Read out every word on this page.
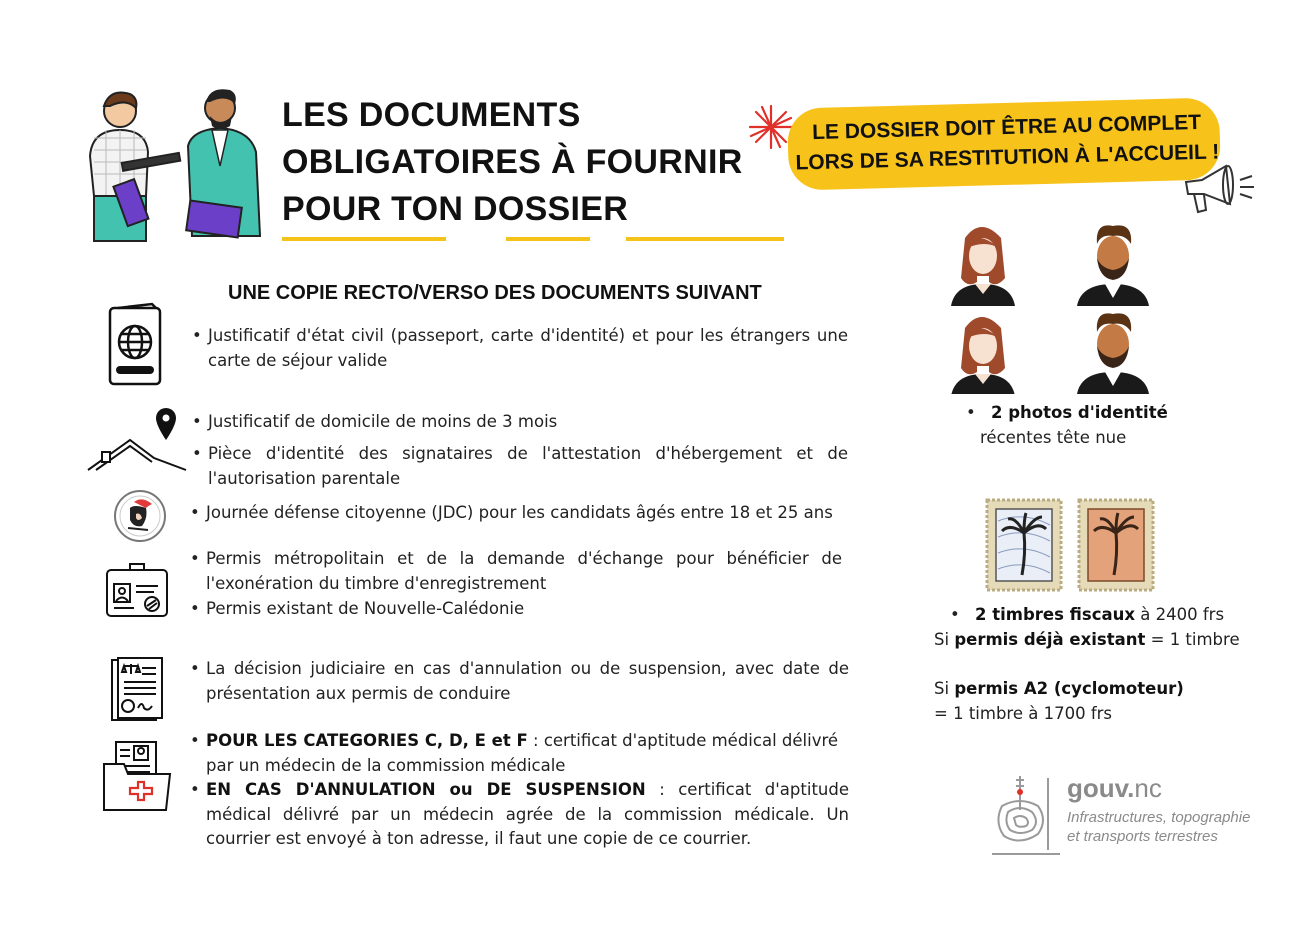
LES DOCUMENTS
OBLIGATOIRES À FOURNIR
POUR TON DOSSIER
LE DOSSIER DOIT ÊTRE AU COMPLET
LORS DE SA RESTITUTION À L'ACCUEIL !
UNE COPIE RECTO/VERSO DES DOCUMENTS SUIVANT
• Justificatif d'état civil (passeport, carte d'identité) et pour les étrangers une carte de séjour valide
• Justificatif de domicile de moins de 3 mois
• Pièce d'identité des signataires de l'attestation d'hébergement et de l'autorisation parentale
• Journée défense citoyenne (JDC) pour les candidats âgés entre 18 et 25 ans
• Permis métropolitain et de la demande d'échange pour bénéficier de l'exonération du timbre d'enregistrement
• Permis existant de Nouvelle-Calédonie
• La décision judiciaire en cas d'annulation ou de suspension, avec date de présentation aux permis de conduire
• POUR LES CATEGORIES C, D, E et F : certificat d'aptitude médical délivré par un médecin de la commission médicale
• EN CAS D'ANNULATION ou DE SUSPENSION : certificat d'aptitude médical délivré par un médecin agrée de la commission médicale. Un courrier est envoyé à ton adresse, il faut une copie de ce courrier.
• 2 photos d'identité
récentes tête nue
• 2 timbres fiscaux à 2400 frs
Si permis déjà existant = 1 timbre
Si permis A2 (cyclomoteur)
= 1 timbre à 1700 frs
gouv.nc
Infrastructures, topographie
et transports terrestres
